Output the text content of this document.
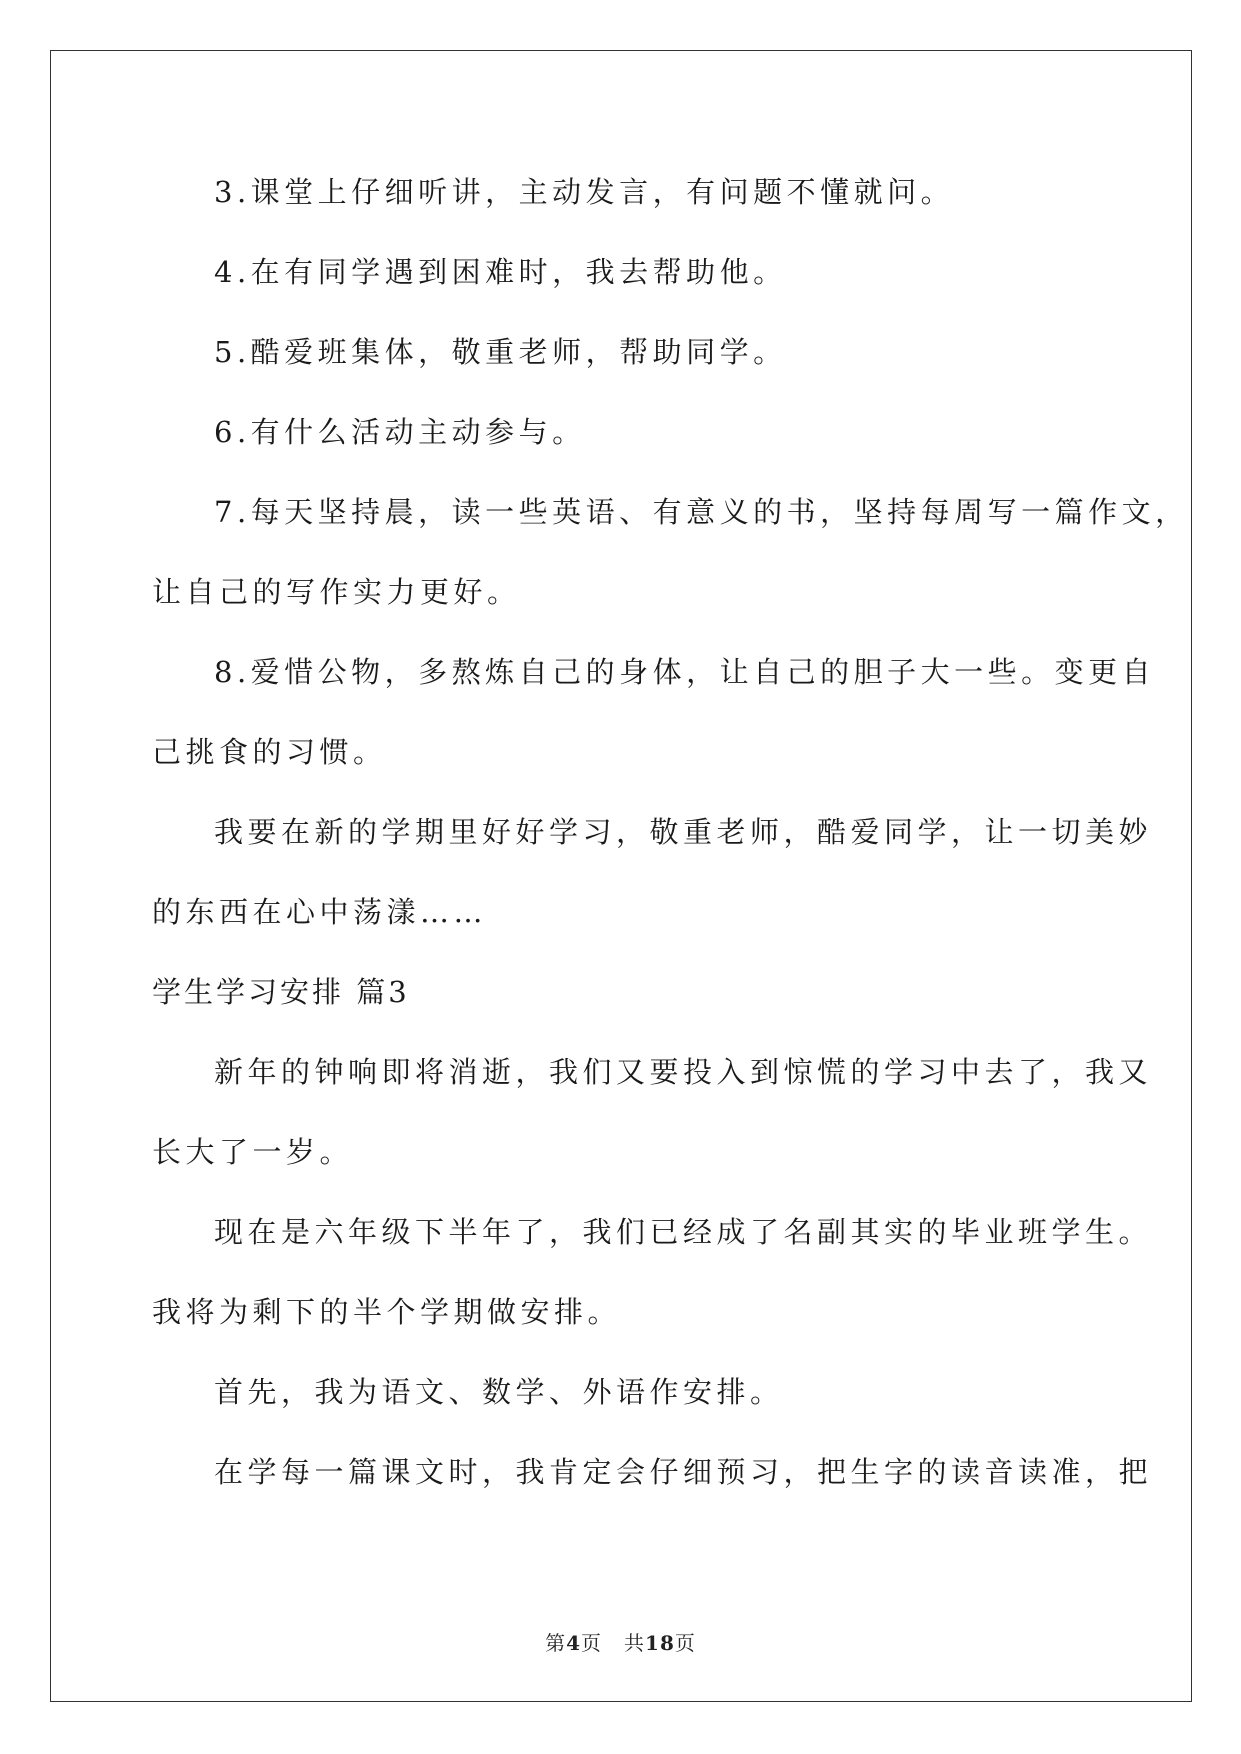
3.课堂上仔细听讲，主动发言，有问题不懂就问。
4.在有同学遇到困难时，我去帮助他。
5.酷爱班集体，敬重老师，帮助同学。
6.有什么活动主动参与。
7.每天坚持晨，读一些英语、有意义的书，坚持每周写一篇作文，
让自己的写作实力更好。
8.爱惜公物，多熬炼自己的身体，让自己的胆子大一些。变更自
己挑食的习惯。
我要在新的学期里好好学习，敬重老师，酷爱同学，让一切美妙
的东西在心中荡漾……
学生学习安排 篇3
新年的钟响即将消逝，我们又要投入到惊慌的学习中去了，我又
长大了一岁。
现在是六年级下半年了，我们已经成了名副其实的毕业班学生。
我将为剩下的半个学期做安排。
首先，我为语文、数学、外语作安排。
在学每一篇课文时，我肯定会仔细预习，把生字的读音读准，把
第4页 共18页
